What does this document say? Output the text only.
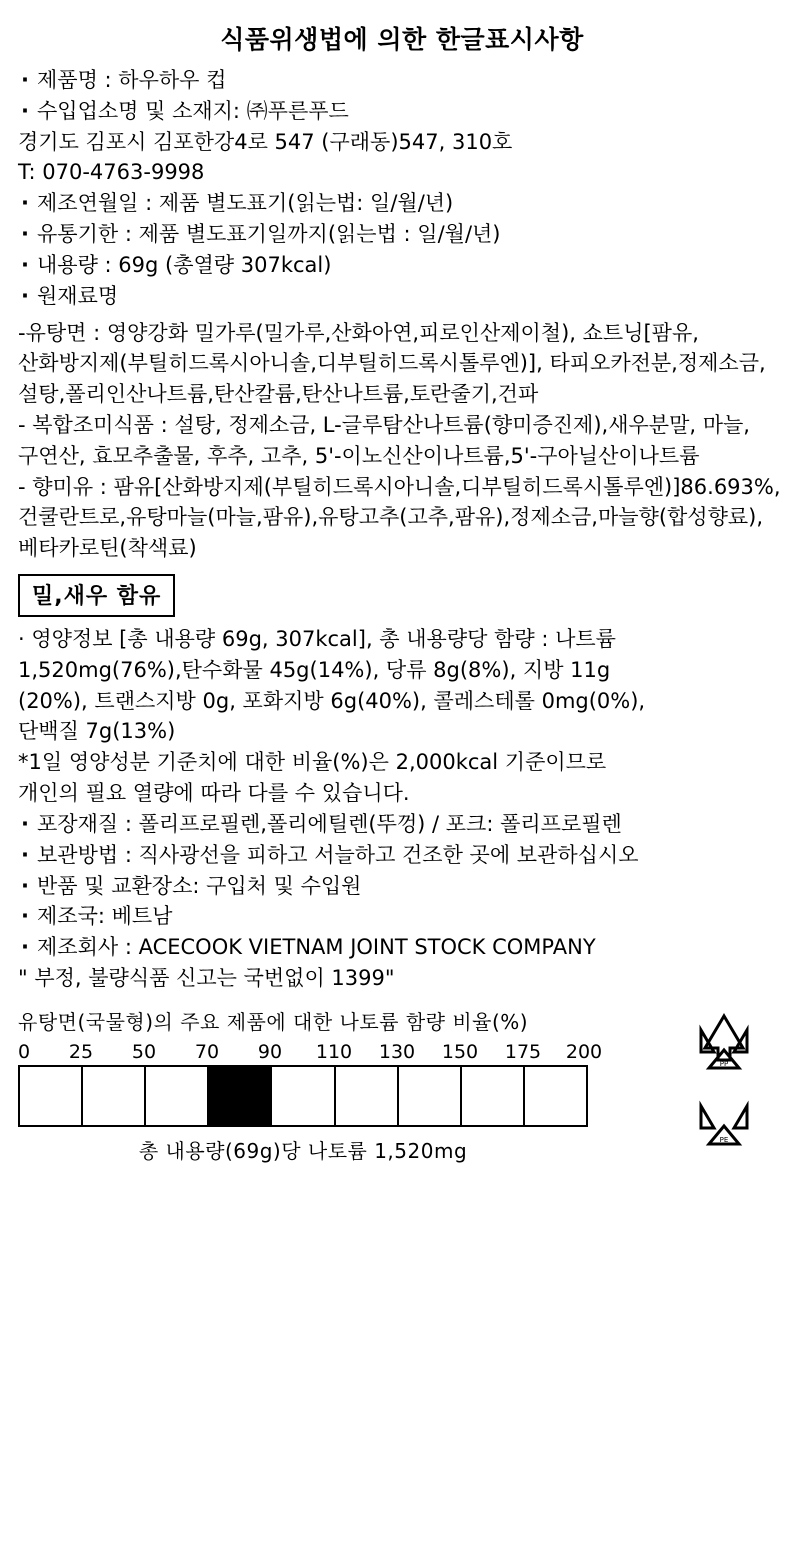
식품위생법에 의한 한글표시사항
· 제품명 : 하우하우 컵
· 수입업소명 및 소재지: ㈜푸른푸드
경기도 김포시 김포한강4로 547 (구래동)547, 310호
T: 070-4763-9998
· 제조연월일 : 제품 별도표기(읽는법: 일/월/년)
· 유통기한 : 제품 별도표기일까지(읽는법 : 일/월/년)
· 내용량 : 69g (총열량 307kcal)
· 원재료명
-유탕면 : 영양강화 밀가루(밀가루,산화아연,피로인산제이철), 쇼트닝[팜유,
산화방지제(부틸히드록시아니솔,디부틸히드록시톨루엔)], 타피오카전분,정제소금,
설탕,폴리인산나트륨,탄산칼륨,탄산나트륨,토란줄기,건파
- 복합조미식품 : 설탕, 정제소금, L-글루탐산나트륨(향미증진제),새우분말, 마늘,
구연산, 효모추출물, 후추, 고추, 5'-이노신산이나트륨,5'-구아닐산이나트륨
- 향미유 : 팜유[산화방지제(부틸히드록시아니솔,디부틸히드록시톨루엔)]86.693%,
건쿨란트로,유탕마늘(마늘,팜유),유탕고추(고추,팜유),정제소금,마늘향(합성향료),
베타카로틴(착색료)
밀,새우 함유
· 영양정보 [총 내용량 69g, 307kcal], 총 내용량당 함량 : 나트륨
1,520mg(76%),탄수화물 45g(14%), 당류 8g(8%), 지방 11g
(20%), 트랜스지방 0g, 포화지방 6g(40%), 콜레스테롤 0mg(0%),
단백질 7g(13%)
*1일 영양성분 기준치에 대한 비율(%)은 2,000kcal 기준이므로
개인의 필요 열량에 따라 다를 수 있습니다.
· 포장재질 : 폴리프로필렌,폴리에틸렌(뚜껑) / 포크: 폴리프로필렌
· 보관방법 : 직사광선을 피하고 서늘하고 건조한 곳에 보관하십시오
· 반품 및 교환장소: 구입처 및 수입원
· 제조국: 베트남
· 제조회사 : ACECOOK VIETNAM JOINT STOCK COMPANY
" 부정, 불량식품 신고는 국번없이 1399"
유탕면(국물형)의 주요 제품에 대한 나토륨 함량 비율(%)
0 25 50 70 90 110 130 150 175 200
총 내용량(69g)당 나토륨 1,520mg
PP
PE
